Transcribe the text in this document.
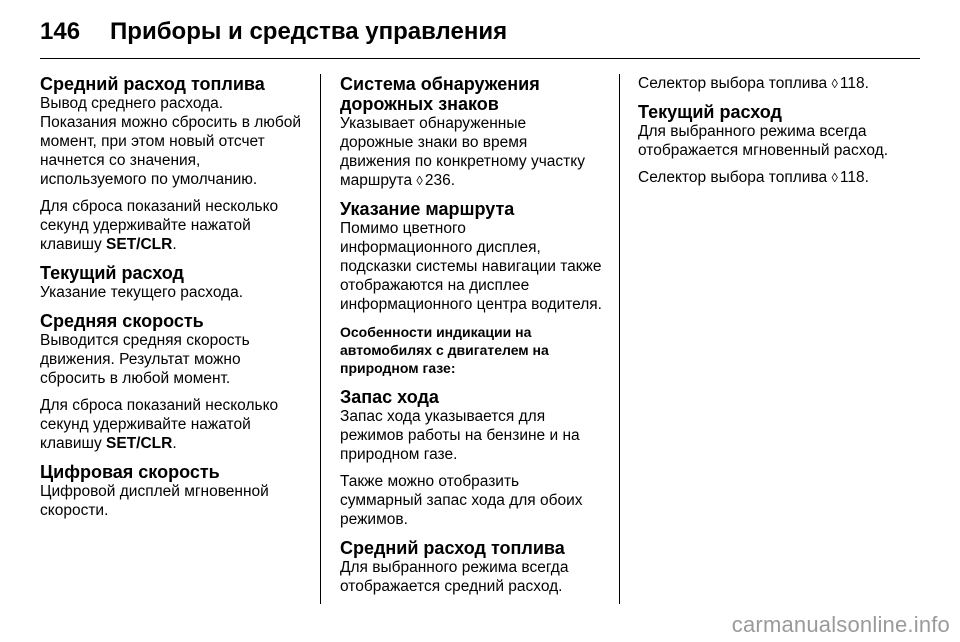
146 Приборы и средства управления
Средний расход топлива

Вывод среднего расхода. Показания можно сбросить в любой момент, при этом новый отсчет начнется со значения, используемого по умолчанию.

Для сброса показаний несколько секунд удерживайте нажатой клавишу SET/CLR.

Текущий расход

Указание текущего расхода.

Средняя скорость

Выводится средняя скорость движения. Результат можно сбросить в любой момент.

Для сброса показаний несколько секунд удерживайте нажатой клавишу SET/CLR.

Цифровая скорость

Цифровой дисплей мгновенной скорости.

Система обнаружения дорожных знаков

Указывает обнаруженные дорожные знаки во время движения по конкретному участку маршрута ◊ 236.

Указание маршрута

Помимо цветного информационного дисплея, подсказки системы навигации также отображаются на дисплее информационного центра водителя.

Особенности индикации на автомобилях с двигателем на природном газе:
Запас хода

Запас хода указывается для режимов работы на бензине и на природном газе.

Также можно отобразить суммарный запас хода для обоих режимов.

Средний расход топлива

Для выбранного режима всегда отображается средний расход.

Селектор выбора топлива ◊ 118.

Текущий расход

Для выбранного режима всегда отображается мгновенный расход.

Селектор выбора топлива ◊ 118.

carmanualsonline.info
